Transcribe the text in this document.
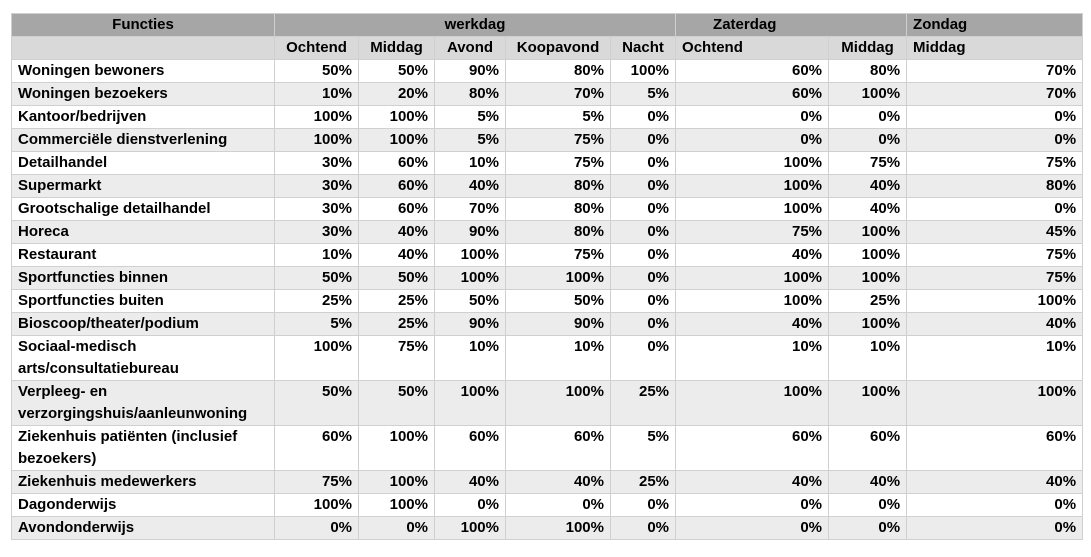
Functies	werkdag					Zaterdag		Zondag
	Ochtend	Middag	Avond	Koopavond	Nacht	Ochtend	Middag	Middag
Woningen bewoners	50%	50%	90%	80%	100%	60%	80%	70%
Woningen bezoekers	10%	20%	80%	70%	5%	60%	100%	70%
Kantoor/bedrijven	100%	100%	5%	5%	0%	0%	0%	0%
Commerciële dienstverlening	100%	100%	5%	75%	0%	0%	0%	0%
Detailhandel	30%	60%	10%	75%	0%	100%	75%	75%
Supermarkt	30%	60%	40%	80%	0%	100%	40%	80%
Grootschalige detailhandel	30%	60%	70%	80%	0%	100%	40%	0%
Horeca	30%	40%	90%	80%	0%	75%	100%	45%
Restaurant	10%	40%	100%	75%	0%	40%	100%	75%
Sportfuncties binnen	50%	50%	100%	100%	0%	100%	100%	75%
Sportfuncties buiten	25%	25%	50%	50%	0%	100%	25%	100%
Bioscoop/theater/podium	5%	25%	90%	90%	0%	40%	100%	40%
Sociaal-medisch arts/consultatiebureau	100%	75%	10%	10%	0%	10%	10%	10%
Verpleeg- en verzorgingshuis/aanleunwoning	50%	50%	100%	100%	25%	100%	100%	100%
Ziekenhuis patiënten (inclusief bezoekers)	60%	100%	60%	60%	5%	60%	60%	60%
Ziekenhuis medewerkers	75%	100%	40%	40%	25%	40%	40%	40%
Dagonderwijs	100%	100%	0%	0%	0%	0%	0%	0%
Avondonderwijs	0%	0%	100%	100%	0%	0%	0%	0%
